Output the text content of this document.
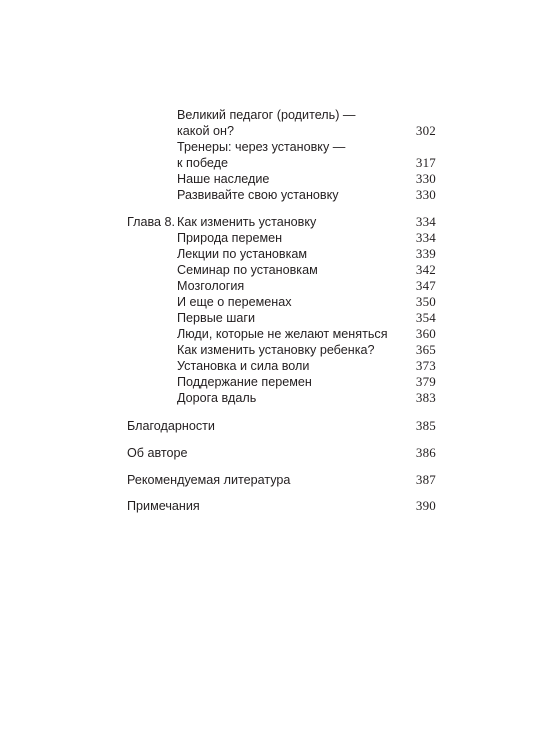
Великий педагог (родитель) —
какой он?	302
Тренеры: через установку —
к победе	317
Наше наследие	330
Развивайте свою установку	330
Глава 8. Как изменить установку	334
Природа перемен	334
Лекции по установкам	339
Семинар по установкам	342
Мозгология	347
И еще о переменах	350
Первые шаги	354
Люди, которые не желают меняться 360
Как изменить установку ребенка?	365
Установка и сила воли	373
Поддержание перемен	379
Дорога вдаль	383
Благодарности	385
Об авторе	386
Рекомендуемая литература	387
Примечания	390
